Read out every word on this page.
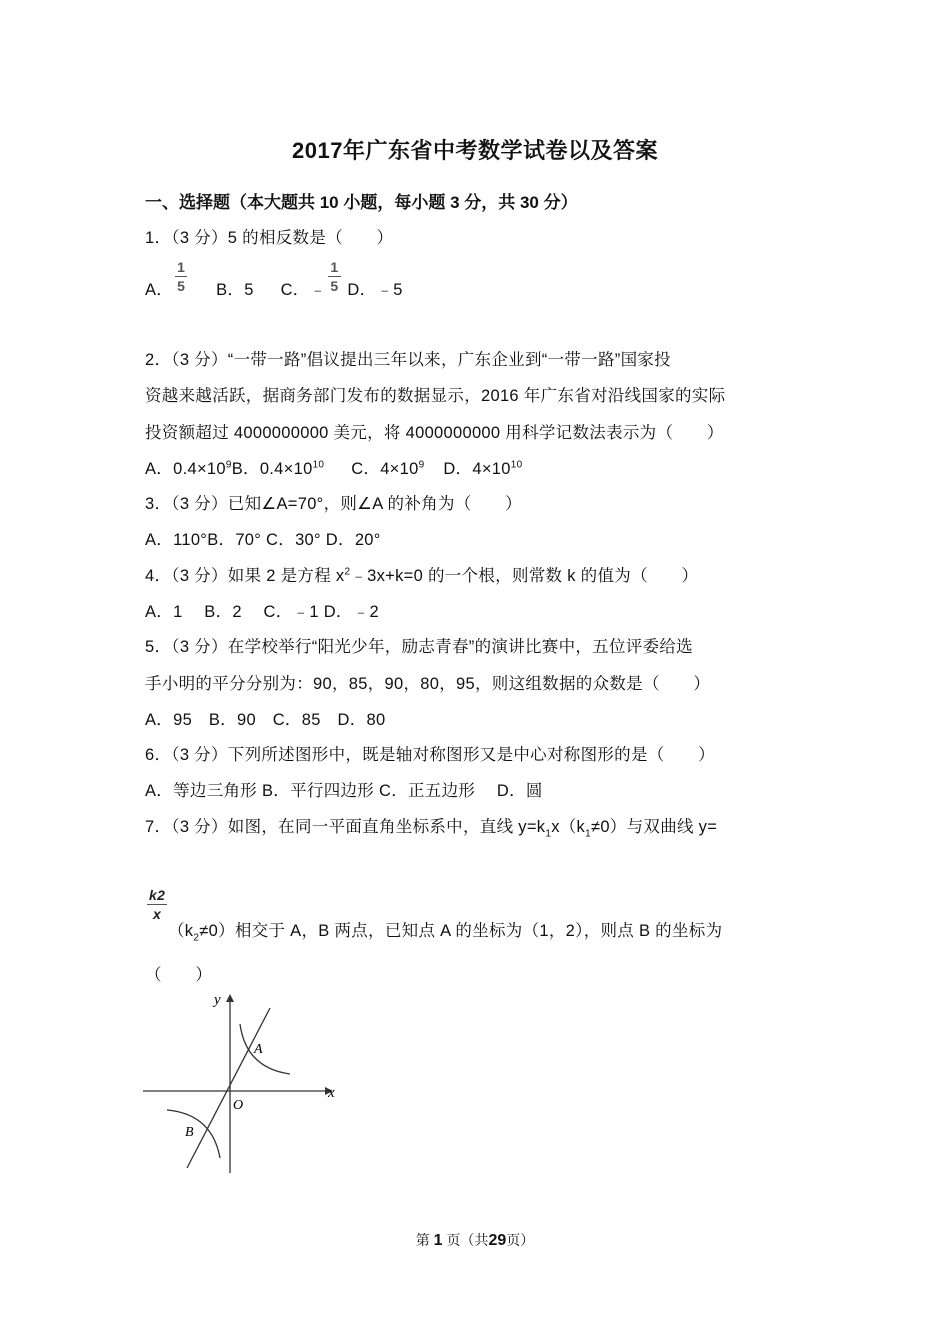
2017年广东省中考数学试卷以及答案
一、选择题（本大题共 10 小题，每小题 3 分，共 30 分）
1．（3 分）5 的相反数是（　　）
A． $\frac{1}{5}$ B．5 C．﹣ $\frac{1}{5}$ D．﹣5
2．（3 分）“一带一路”倡议提出三年以来，广东企业到“一带一路”国家投
资越来越活跃，据商务部门发布的数据显示，2016 年广东省对沿线国家的实际
投资额超过 4000000000 美元，将 4000000000 用科学记数法表示为（　　）
A．$0.4\times 10^9B$．$0.4\times 10^{10}$ C．$4\times 10^9$ D．$4\times 10^{10}$
3．（3 分）已知∠A=70°，则∠A 的补角为（　　）
A．110°B．70° C．30° D．20°
4．（3 分）如果 2 是方程 $x^2﹣3x+k=0$ 的一个根，则常数 k 的值为（　　）
A．1　 B．2　 C．﹣1 D．﹣2
5．（3 分）在学校举行“阳光少年，励志青春”的演讲比赛中，五位评委给选
手小明的平分分别为：90，85，90，80，95，则这组数据的众数是（　　）
A．95　B．90　C．85　D．80
6．（3 分）下列所述图形中，既是轴对称图形又是中心对称图形的是（　　）
A．等边三角形 B．平行四边形 C．正五边形　 D．圆
7．（3 分）如图，在同一平面直角坐标系中，直线 $y=k_1x(k_1\ne 0)$与双曲线 y=
$\frac{k2}{x}$
$(k_2\ne 0)$相交于 A，B 两点，已知点 A 的坐标为（1，2），则点 B 的坐标为
（　　）
y
x
O
A
B
第 1 页（共29页）
